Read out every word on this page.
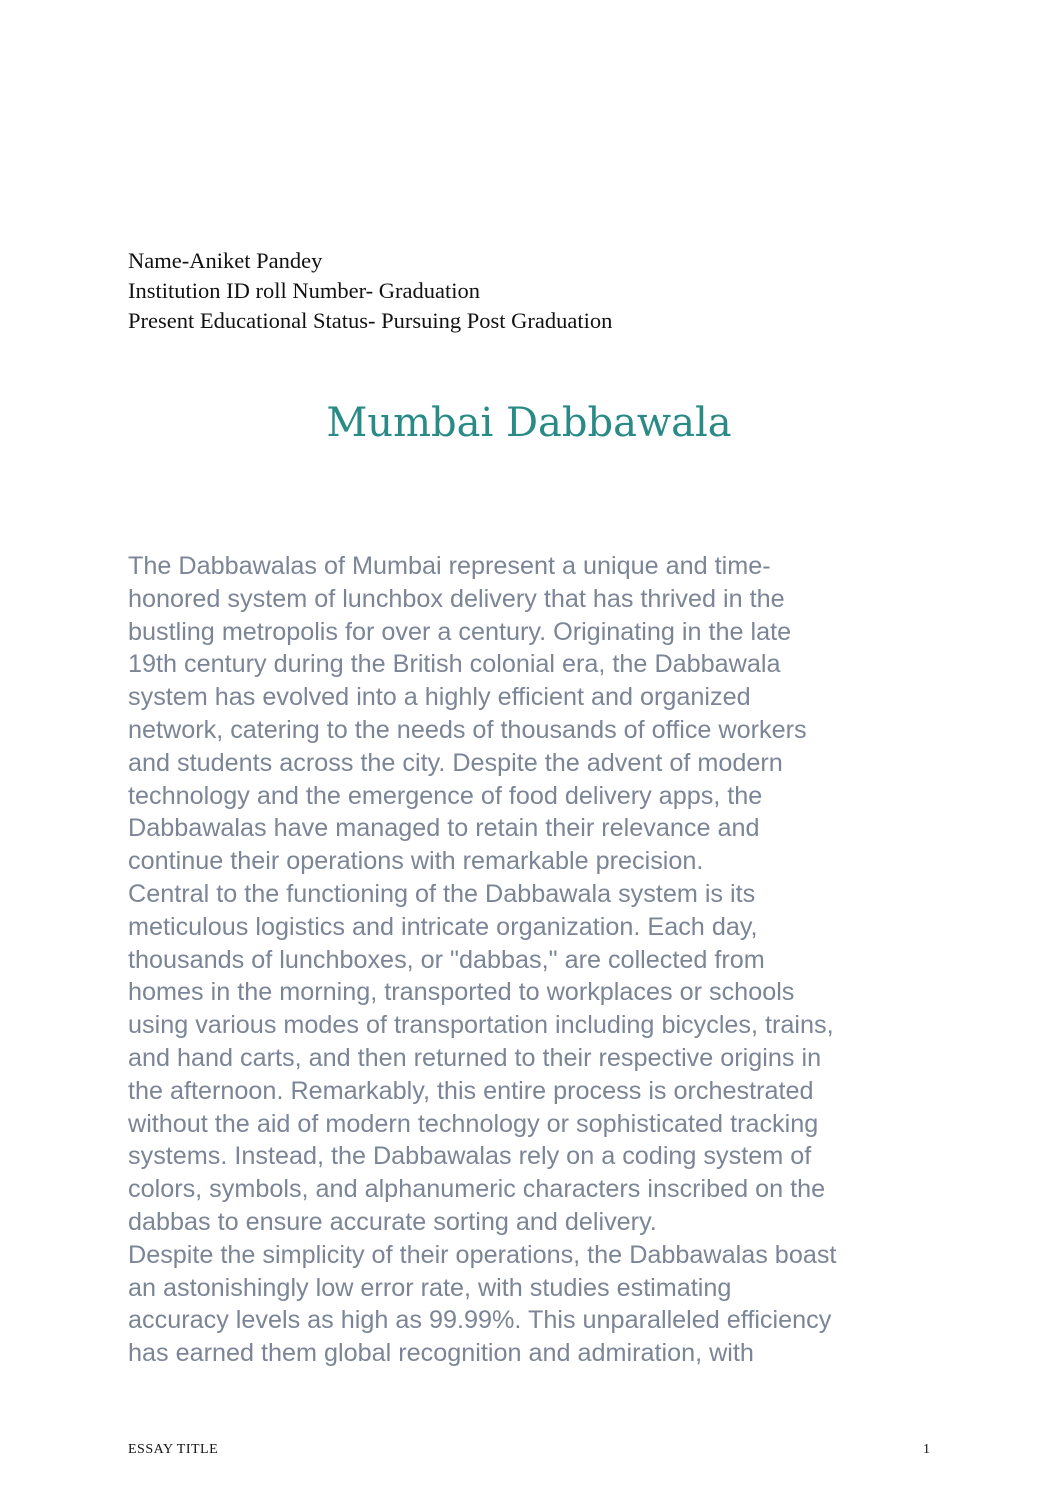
Name-Aniket Pandey
Institution ID roll Number- Graduation
Present Educational Status- Pursuing Post Graduation
Mumbai Dabbawala
The Dabbawalas of Mumbai represent a unique and time-
honored system of lunchbox delivery that has thrived in the
bustling metropolis for over a century. Originating in the late
19th century during the British colonial era, the Dabbawala
system has evolved into a highly efficient and organized
network, catering to the needs of thousands of office workers
and students across the city. Despite the advent of modern
technology and the emergence of food delivery apps, the
Dabbawalas have managed to retain their relevance and
continue their operations with remarkable precision.
Central to the functioning of the Dabbawala system is its
meticulous logistics and intricate organization. Each day,
thousands of lunchboxes, or "dabbas," are collected from
homes in the morning, transported to workplaces or schools
using various modes of transportation including bicycles, trains,
and hand carts, and then returned to their respective origins in
the afternoon. Remarkably, this entire process is orchestrated
without the aid of modern technology or sophisticated tracking
systems. Instead, the Dabbawalas rely on a coding system of
colors, symbols, and alphanumeric characters inscribed on the
dabbas to ensure accurate sorting and delivery.
Despite the simplicity of their operations, the Dabbawalas boast
an astonishingly low error rate, with studies estimating
accuracy levels as high as 99.99%. This unparalleled efficiency
has earned them global recognition and admiration, with
ESSAY TITLE	1
